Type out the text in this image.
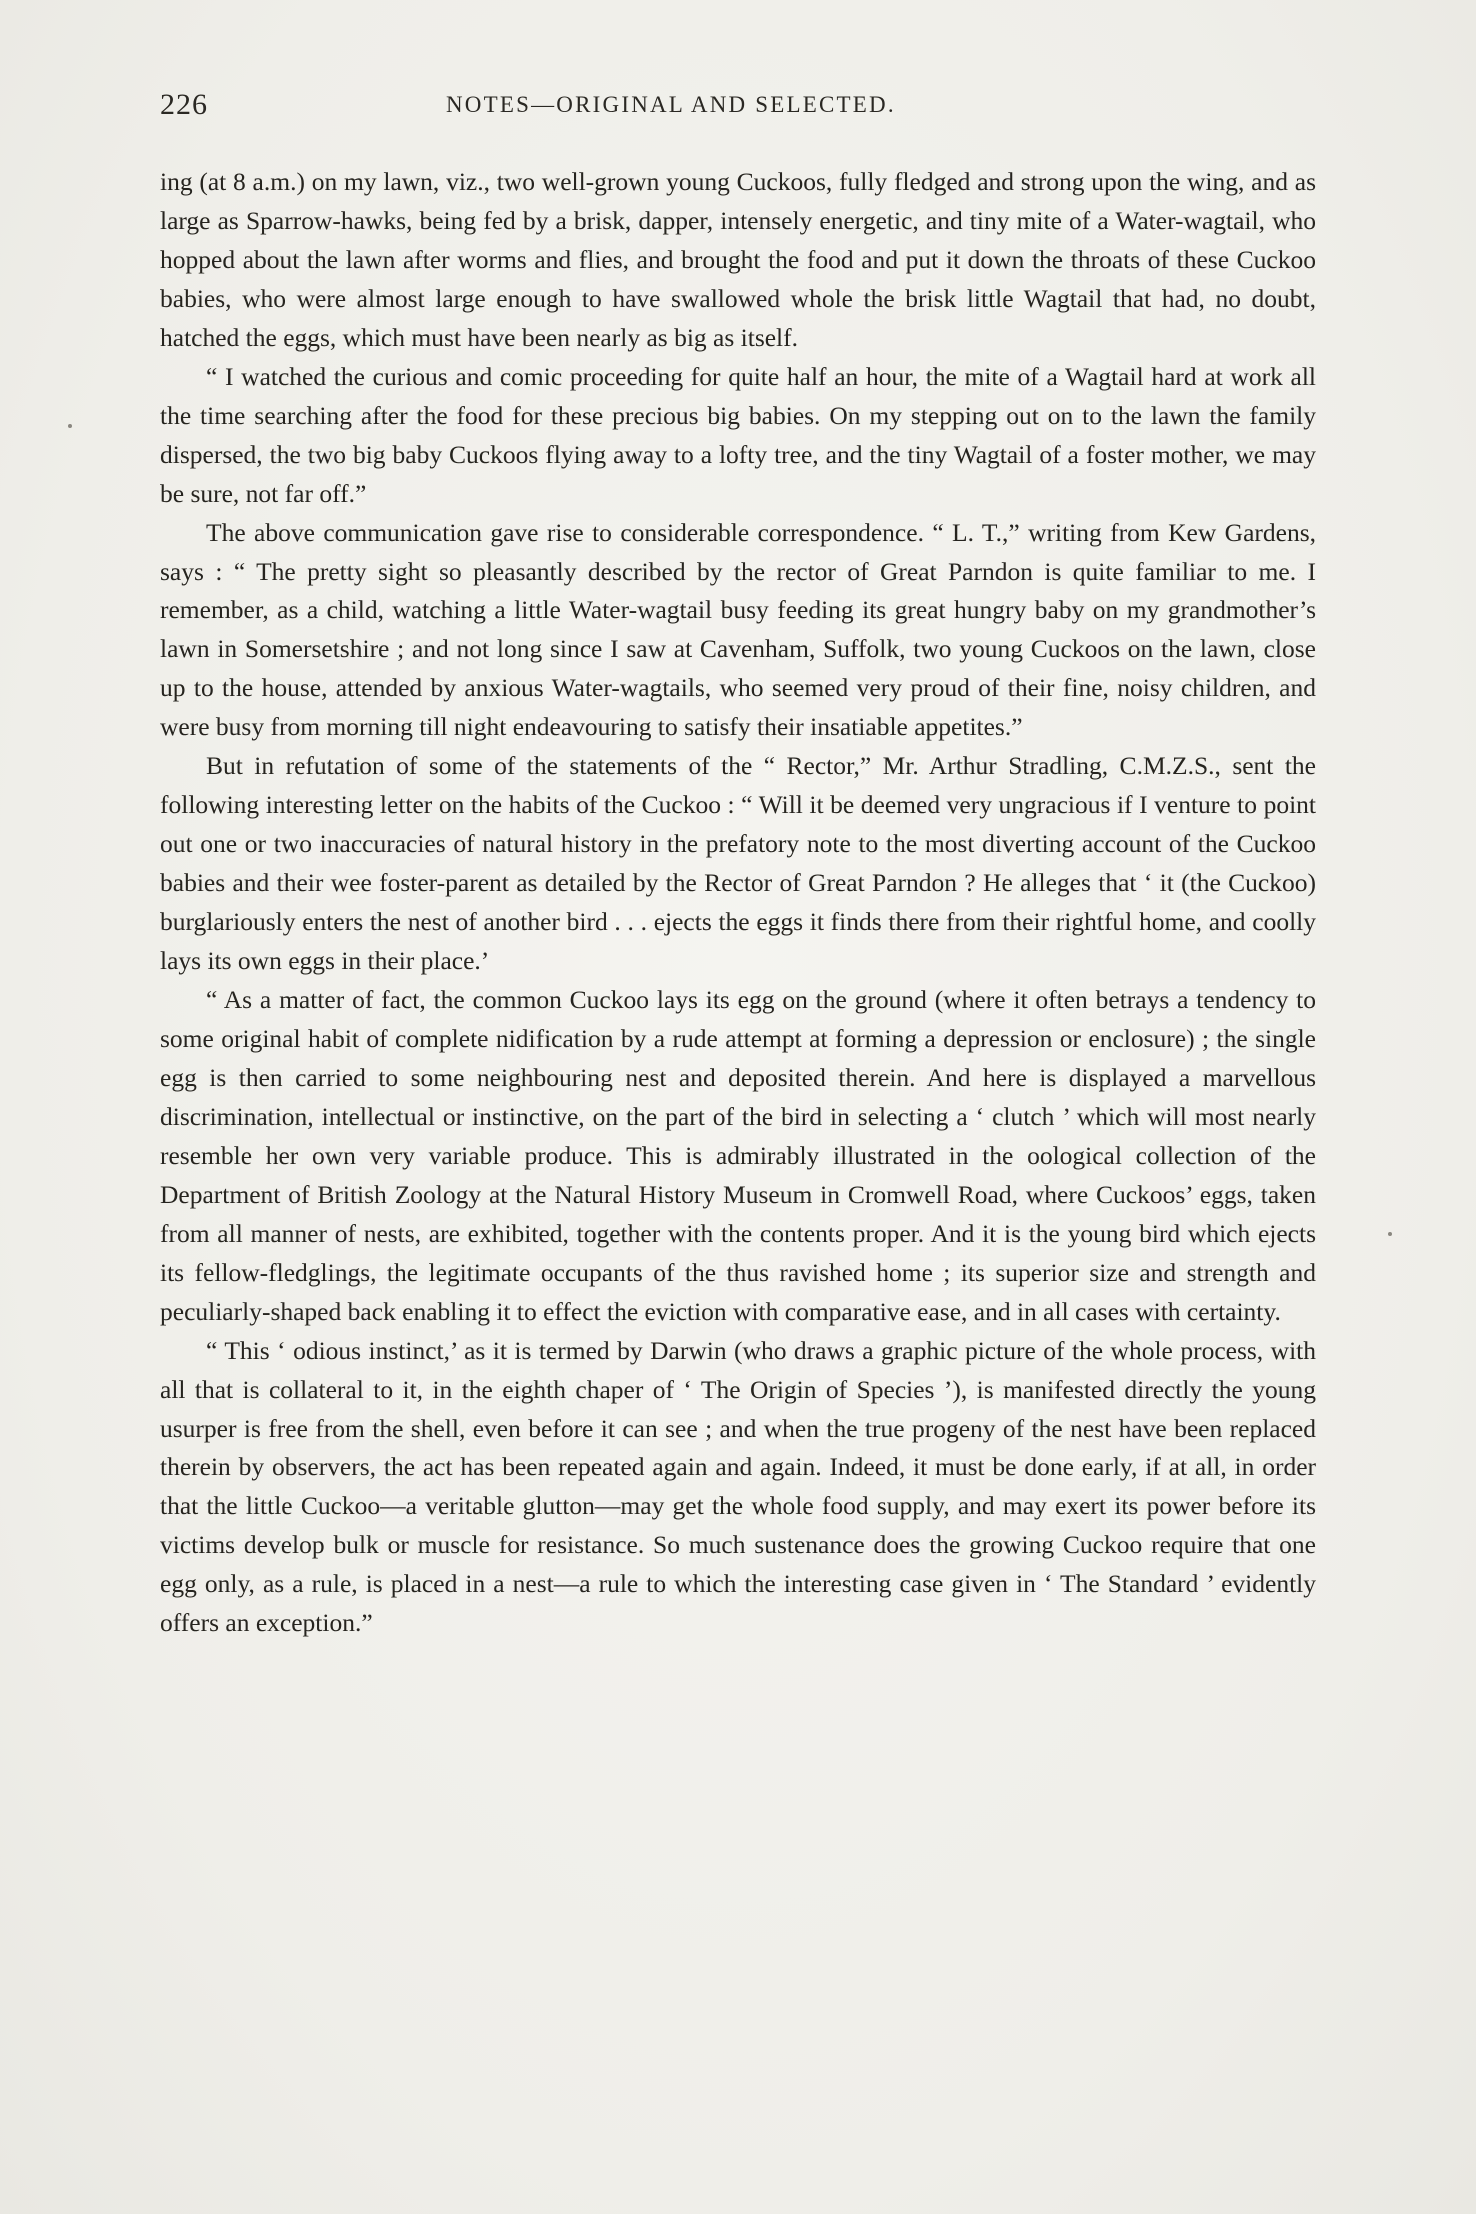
226	NOTES—ORIGINAL AND SELECTED.

ing (at 8 a.m.) on my lawn, viz., two well-grown young Cuckoos, fully fledged and strong upon the wing, and as large as Sparrow-hawks, being fed by a brisk, dapper, intensely energetic, and tiny mite of a Water-wagtail, who hopped about the lawn after worms and flies, and brought the food and put it down the throats of these Cuckoo babies, who were almost large enough to have swallowed whole the brisk little Wagtail that had, no doubt, hatched the eggs, which must have been nearly as big as itself.

“ I watched the curious and comic proceeding for quite half an hour, the mite of a Wagtail hard at work all the time searching after the food for these precious big babies. On my stepping out on to the lawn the family dispersed, the two big baby Cuckoos flying away to a lofty tree, and the tiny Wagtail of a foster mother, we may be sure, not far off.”

The above communication gave rise to considerable correspondence. “ L. T.,” writing from Kew Gardens, says : “ The pretty sight so pleasantly described by the rector of Great Parndon is quite familiar to me. I remember, as a child, watching a little Water-wagtail busy feeding its great hungry baby on my grandmother’s lawn in Somersetshire ; and not long since I saw at Cavenham, Suffolk, two young Cuckoos on the lawn, close up to the house, attended by anxious Water-wagtails, who seemed very proud of their fine, noisy children, and were busy from morning till night endeavouring to satisfy their insatiable appetites.”

But in refutation of some of the statements of the “ Rector,” Mr. Arthur Stradling, C.M.Z.S., sent the following interesting letter on the habits of the Cuckoo : “ Will it be deemed very ungracious if I venture to point out one or two inaccuracies of natural history in the prefatory note to the most diverting account of the Cuckoo babies and their wee foster-parent as detailed by the Rector of Great Parndon ? He alleges that ‘ it (the Cuckoo) burglariously enters the nest of another bird . . . ejects the eggs it finds there from their rightful home, and coolly lays its own eggs in their place.’

“ As a matter of fact, the common Cuckoo lays its egg on the ground (where it often betrays a tendency to some original habit of complete nidification by a rude attempt at forming a depression or enclosure) ; the single egg is then carried to some neighbouring nest and deposited therein. And here is displayed a marvellous discrimination, intellectual or instinctive, on the part of the bird in selecting a ‘ clutch ’ which will most nearly resemble her own very variable produce. This is admirably illustrated in the oological collection of the Department of British Zoology at the Natural History Museum in Cromwell Road, where Cuckoos’ eggs, taken from all manner of nests, are exhibited, together with the contents proper. And it is the young bird which ejects its fellow-fledglings, the legitimate occupants of the thus ravished home ; its superior size and strength and peculiarly-shaped back enabling it to effect the eviction with comparative ease, and in all cases with certainty.

“ This ‘ odious instinct,’ as it is termed by Darwin (who draws a graphic picture of the whole process, with all that is collateral to it, in the eighth chaper of ‘ The Origin of Species ’), is manifested directly the young usurper is free from the shell, even before it can see ; and when the true progeny of the nest have been replaced therein by observers, the act has been repeated again and again. Indeed, it must be done early, if at all, in order that the little Cuckoo—a veritable glutton—may get the whole food supply, and may exert its power before its victims develop bulk or muscle for resistance. So much sustenance does the growing Cuckoo require that one egg only, as a rule, is placed in a nest—a rule to which the interesting case given in ‘ The Standard ’ evidently offers an exception.”
